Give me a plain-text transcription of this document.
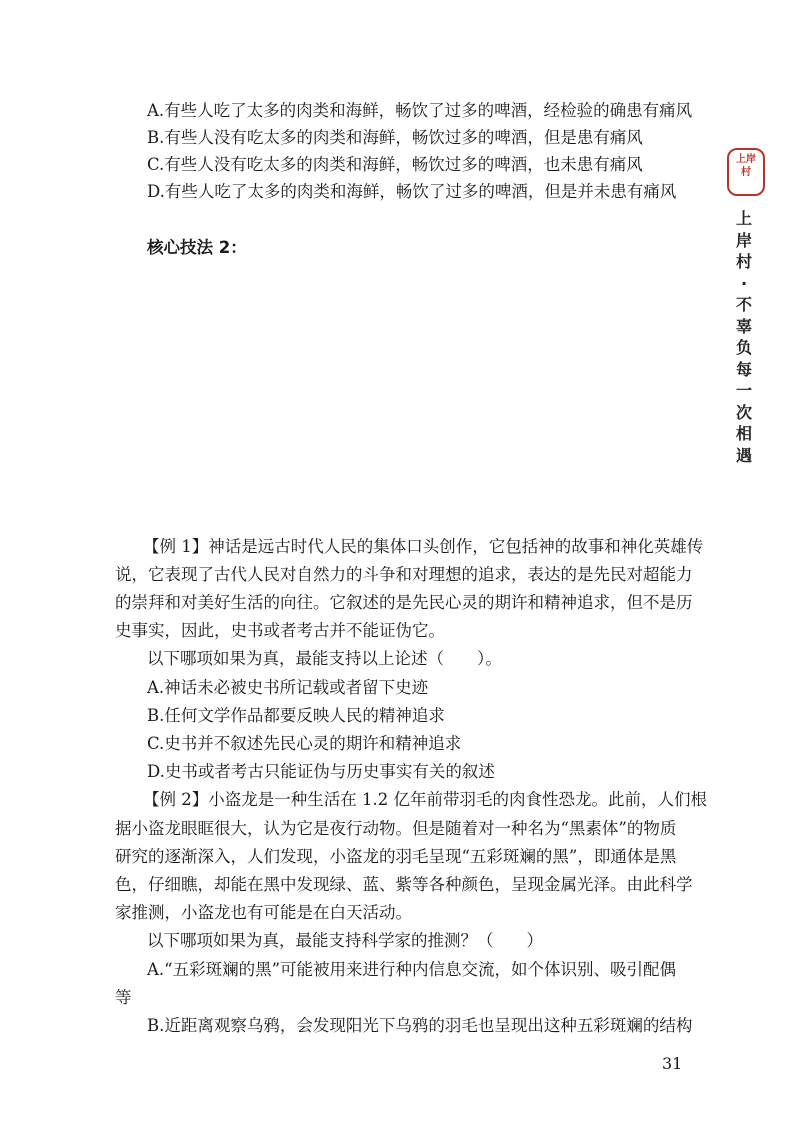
A.有些人吃了太多的肉类和海鲜，畅饮了过多的啤酒，经检验的确患有痛风
B.有些人没有吃太多的肉类和海鲜，畅饮过多的啤酒，但是患有痛风
C.有些人没有吃太多的肉类和海鲜，畅饮过多的啤酒，也未患有痛风
D.有些人吃了太多的肉类和海鲜，畅饮了过多的啤酒，但是并未患有痛风
核心技法 2：
【例 1】神话是远古时代人民的集体口头创作，它包括神的故事和神化英雄传
说，它表现了古代人民对自然力的斗争和对理想的追求，表达的是先民对超能力
的崇拜和对美好生活的向往。它叙述的是先民心灵的期许和精神追求，但不是历
史事实，因此，史书或者考古并不能证伪它。
以下哪项如果为真，最能支持以上论述（　　）。
A.神话未必被史书所记载或者留下史迹
B.任何文学作品都要反映人民的精神追求
C.史书并不叙述先民心灵的期许和精神追求
D.史书或者考古只能证伪与历史事实有关的叙述
【例 2】小盗龙是一种生活在 1.2 亿年前带羽毛的肉食性恐龙。此前，人们根
据小盗龙眼眶很大，认为它是夜行动物。但是随着对一种名为“黑素体”的物质
研究的逐渐深入，人们发现，小盗龙的羽毛呈现“五彩斑斓的黑”，即通体是黑
色，仔细瞧，却能在黑中发现绿、蓝、紫等各种颜色，呈现金属光泽。由此科学
家推测，小盗龙也有可能是在白天活动。
以下哪项如果为真，最能支持科学家的推测？（　　）
A.“五彩斑斓的黑”可能被用来进行种内信息交流，如个体识别、吸引配偶
等
B.近距离观察乌鸦，会发现阳光下乌鸦的羽毛也呈现出这种五彩斑斓的结构
上岸村
上岸村·不辜负每一次相遇
31
